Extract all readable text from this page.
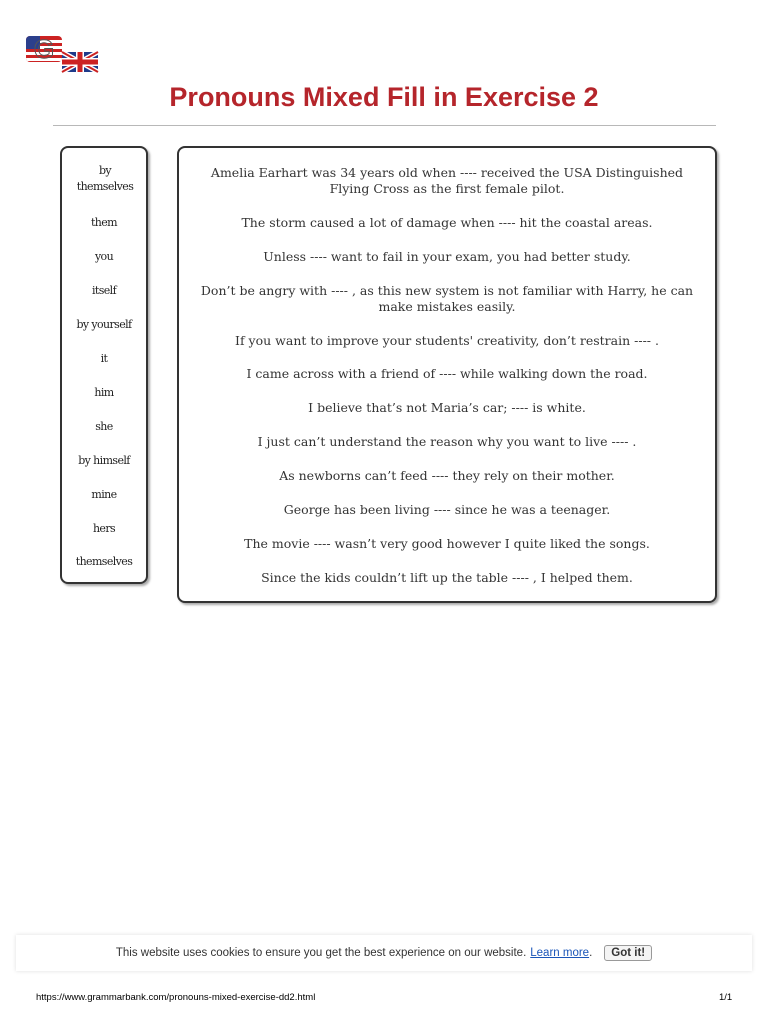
G
Pronouns Mixed Fill in Exercise 2
by themselves
them
you
itself
by yourself
it
him
she
by himself
mine
hers
themselves
Amelia Earhart was 34 years old when ---- received the USA Distinguished Flying Cross as the first female pilot.
The storm caused a lot of damage when ---- hit the coastal areas.
Unless ---- want to fail in your exam, you had better study.
Don’t be angry with ---- , as this new system is not familiar with Harry, he can make mistakes easily.
If you want to improve your students' creativity, don’t restrain ---- .
I came across with a friend of ---- while walking down the road.
I believe that’s not Maria’s car; ---- is white.
I just can’t understand the reason why you want to live ---- .
As newborns can’t feed ---- they rely on their mother.
George has been living ---- since he was a teenager.
The movie ---- wasn’t very good however I quite liked the songs.
Since the kids couldn’t lift up the table ---- , I helped them.
This website uses cookies to ensure you get the best experience on our website. Learn more .	Got it!
https://www.grammarbank.com/pronouns-mixed-exercise-dd2.html	1/1
